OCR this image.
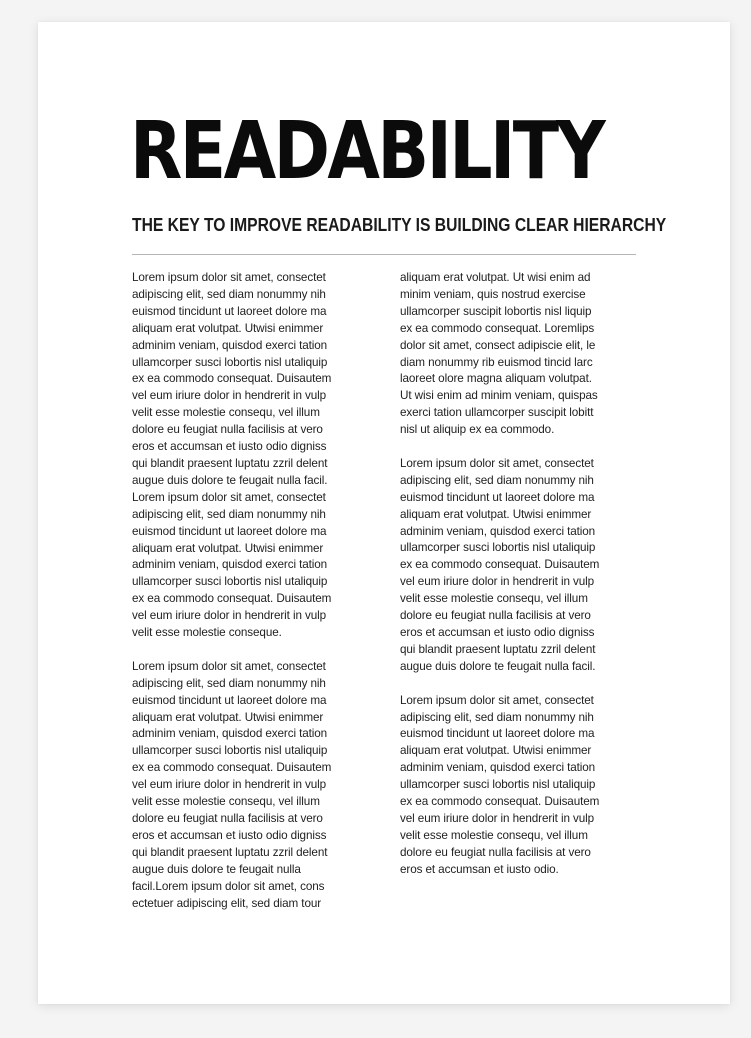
READABILITY
THE KEY TO IMPROVE READABILITY IS BUILDING CLEAR HIERARCHY

Lorem ipsum dolor sit amet, consectet
adipiscing elit, sed diam nonummy nih
euismod tincidunt ut laoreet dolore ma
aliquam erat volutpat. Utwisi enimmer
adminim veniam, quisdod exerci tation
ullamcorper susci lobortis nisl utaliquip
ex ea commodo consequat. Duisautem
vel eum iriure dolor in hendrerit in vulp
velit esse molestie consequ, vel illum
dolore eu feugiat nulla facilisis at vero
eros et accumsan et iusto odio digniss
qui blandit praesent luptatu zzril delent
augue duis dolore te feugait nulla facil.
Lorem ipsum dolor sit amet, consectet
adipiscing elit, sed diam nonummy nih
euismod tincidunt ut laoreet dolore ma
aliquam erat volutpat. Utwisi enimmer
adminim veniam, quisdod exerci tation
ullamcorper susci lobortis nisl utaliquip
ex ea commodo consequat. Duisautem
vel eum iriure dolor in hendrerit in vulp
velit esse molestie conseque.

Lorem ipsum dolor sit amet, consectet
adipiscing elit, sed diam nonummy nih
euismod tincidunt ut laoreet dolore ma
aliquam erat volutpat. Utwisi enimmer
adminim veniam, quisdod exerci tation
ullamcorper susci lobortis nisl utaliquip
ex ea commodo consequat. Duisautem
vel eum iriure dolor in hendrerit in vulp
velit esse molestie consequ, vel illum
dolore eu feugiat nulla facilisis at vero
eros et accumsan et iusto odio digniss
qui blandit praesent luptatu zzril delent
augue duis dolore te feugait nulla
facil.Lorem ipsum dolor sit amet, cons
ectetuer adipiscing elit, sed diam tour

aliquam erat volutpat. Ut wisi enim ad
minim veniam, quis nostrud exercise
ullamcorper suscipit lobortis nisl liquip
ex ea commodo consequat. Loremlips
dolor sit amet, consect adipiscie elit, le
diam nonummy rib euismod tincid larc
laoreet olore magna aliquam volutpat.
Ut wisi enim ad minim veniam, quispas
exerci tation ullamcorper suscipit lobitt
nisl ut aliquip ex ea commodo.

Lorem ipsum dolor sit amet, consectet
adipiscing elit, sed diam nonummy nih
euismod tincidunt ut laoreet dolore ma
aliquam erat volutpat. Utwisi enimmer
adminim veniam, quisdod exerci tation
ullamcorper susci lobortis nisl utaliquip
ex ea commodo consequat. Duisautem
vel eum iriure dolor in hendrerit in vulp
velit esse molestie consequ, vel illum
dolore eu feugiat nulla facilisis at vero
eros et accumsan et iusto odio digniss
qui blandit praesent luptatu zzril delent
augue duis dolore te feugait nulla facil.

Lorem ipsum dolor sit amet, consectet
adipiscing elit, sed diam nonummy nih
euismod tincidunt ut laoreet dolore ma
aliquam erat volutpat. Utwisi enimmer
adminim veniam, quisdod exerci tation
ullamcorper susci lobortis nisl utaliquip
ex ea commodo consequat. Duisautem
vel eum iriure dolor in hendrerit in vulp
velit esse molestie consequ, vel illum
dolore eu feugiat nulla facilisis at vero
eros et accumsan et iusto odio.
